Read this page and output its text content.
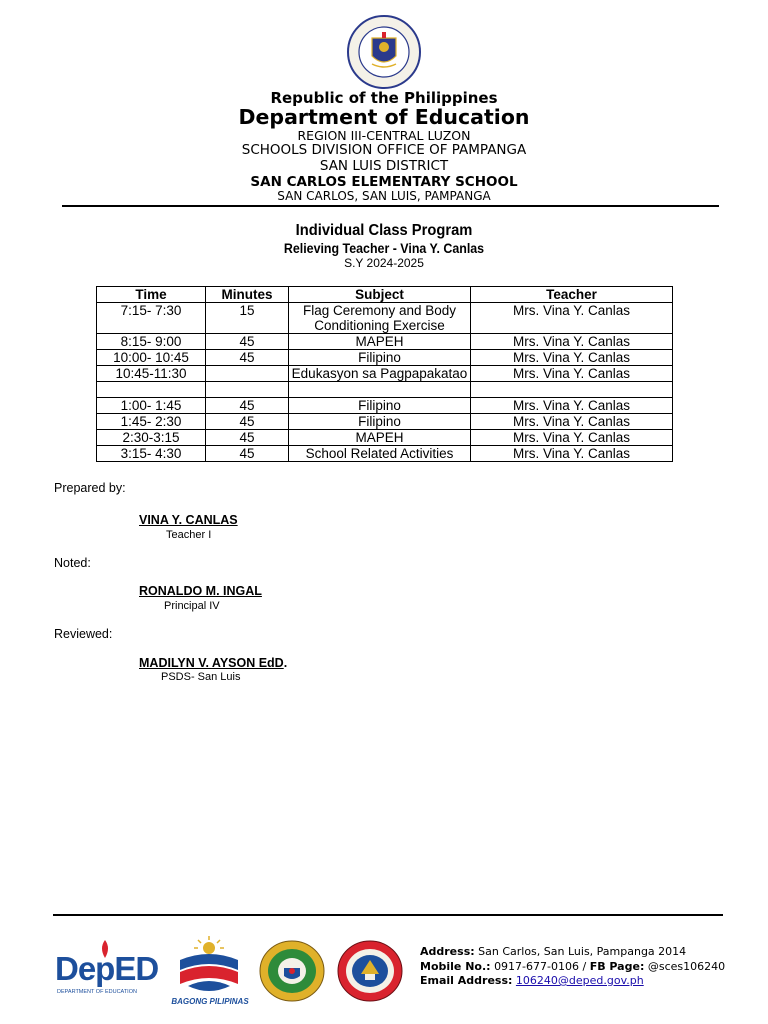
Republic of the Philippines
Department of Education
REGION III-CENTRAL LUZON
SCHOOLS DIVISION OFFICE OF PAMPANGA
SAN LUIS DISTRICT
SAN CARLOS ELEMENTARY SCHOOL
SAN CARLOS, SAN LUIS, PAMPANGA
Individual Class Program
Relieving Teacher - Vina Y. Canlas
S.Y 2024-2025
Time	Minutes	Subject	Teacher
7:15- 7:30	15	Flag Ceremony and Body Conditioning Exercise	Mrs. Vina Y. Canlas
8:15- 9:00	45	MAPEH	Mrs. Vina Y. Canlas
10:00- 10:45	45	Filipino	Mrs. Vina Y. Canlas
10:45-11:30		Edukasyon sa Pagpapakatao	Mrs. Vina Y. Canlas

1:00- 1:45	45	Filipino	Mrs. Vina Y. Canlas
1:45- 2:30	45	Filipino	Mrs. Vina Y. Canlas
2:30-3:15	45	MAPEH	Mrs. Vina Y. Canlas
3:15- 4:30	45	School Related Activities	Mrs. Vina Y. Canlas
Prepared by:
VINA Y. CANLAS
Teacher I
Noted:
RONALDO M. INGAL
Principal IV
Reviewed:
MADILYN V. AYSON EdD.
PSDS- San Luis
DepED
DEPARTMENT OF EDUCATION
BAGONG PILIPINAS
Address: San Carlos, San Luis, Pampanga 2014
Mobile No.: 0917-677-0106 / FB Page: @sces106240
Email Address: 106240@deped.gov.ph
